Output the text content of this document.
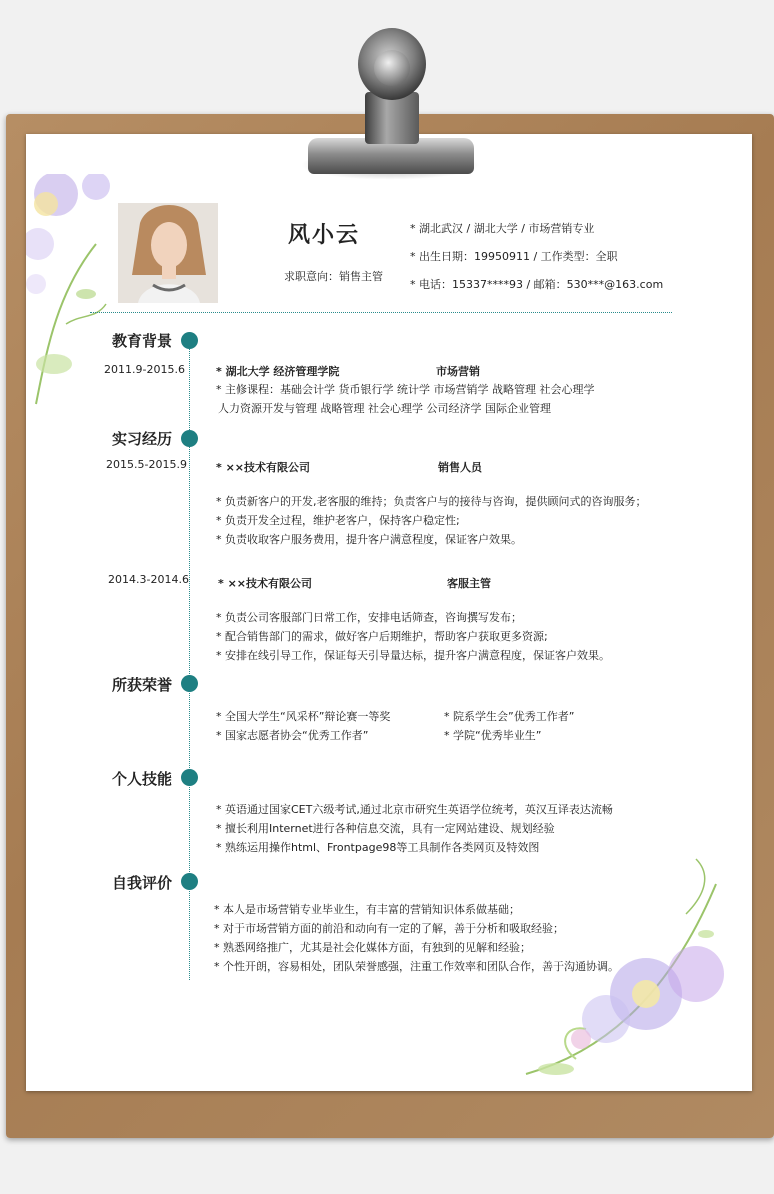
风小云
求职意向：销售主管
* 湖北武汉 / 湖北大学 / 市场营销专业
* 出生日期：19950911 / 工作类型：全职
* 电话：15337****93 / 邮箱：530***@163.com
教育背景
2011.9-2015.6	* 湖北大学 经济管理学院	市场营销
* 主修课程：基础会计学 货币银行学 统计学 市场营销学 战略管理 社会心理学
人力资源开发与管理 战略管理 社会心理学 公司经济学 国际企业管理
实习经历
2015.5-2015.9	* ××技术有限公司	销售人员
* 负责新客户的开发,老客服的维持；负责客户与的接待与咨询，提供顾问式的咨询服务；
* 负责开发全过程，维护老客户，保持客户稳定性;
* 负责收取客户服务费用，提升客户满意程度，保证客户效果。
2014.3-2014.6	* ××技术有限公司	客服主管
* 负责公司客服部门日常工作，安排电话筛查，咨询撰写发布；
* 配合销售部门的需求，做好客户后期维护，帮助客户获取更多资源;
* 安排在线引导工作，保证每天引导量达标，提升客户满意程度，保证客户效果。
所获荣誉
* 全国大学生“风采杯”辩论赛一等奖	* 院系学生会”优秀工作者”
* 国家志愿者协会“优秀工作者”	* 学院“优秀毕业生”
个人技能
* 英语通过国家CET六级考试,通过北京市研究生英语学位统考，英汉互译表达流畅
* 擅长利用Internet进行各种信息交流，具有一定网站建设、规划经验
* 熟练运用操作html、Frontpage98等工具制作各类网页及特效图
自我评价
* 本人是市场营销专业毕业生，有丰富的营销知识体系做基础；
* 对于市场营销方面的前沿和动向有一定的了解，善于分析和吸取经验；
* 熟悉网络推广，尤其是社会化媒体方面，有独到的见解和经验；
* 个性开朗，容易相处，团队荣誉感强，注重工作效率和团队合作，善于沟通协调。
